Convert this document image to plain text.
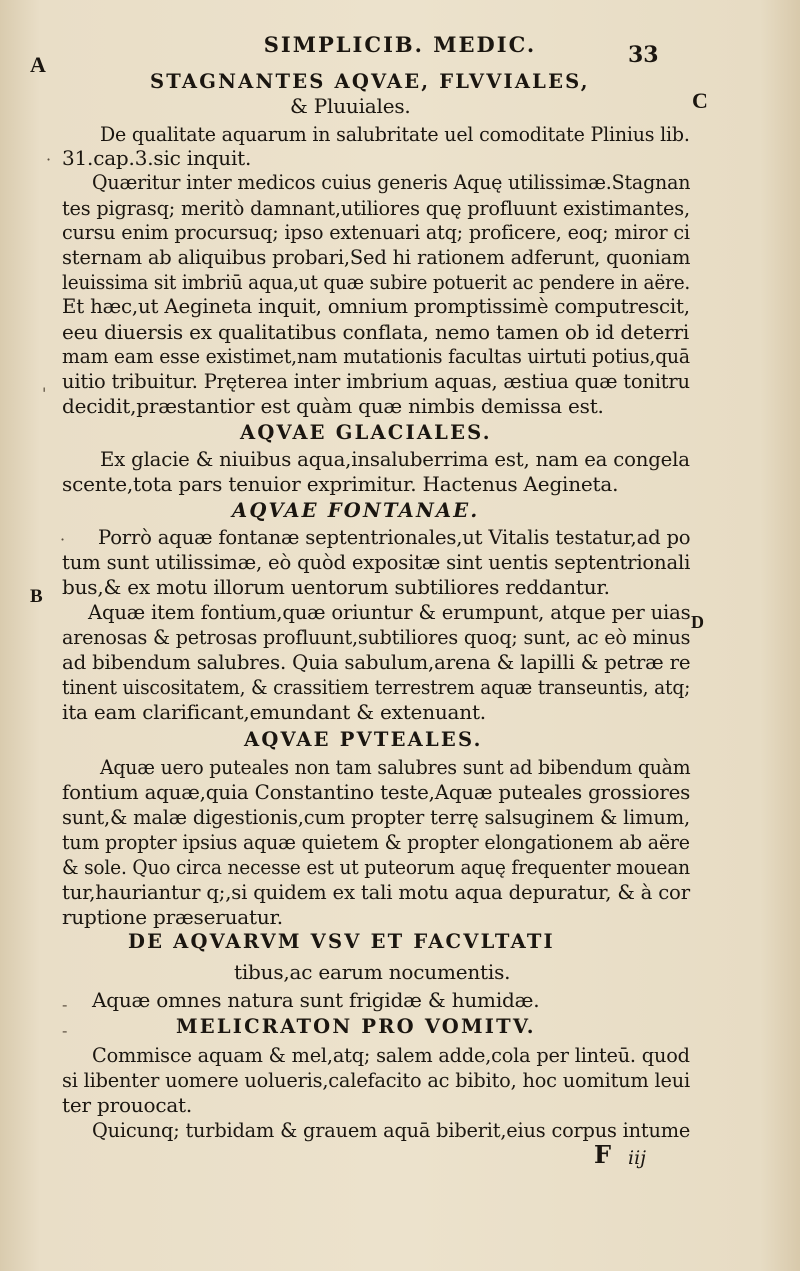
SIMPLICIB. MEDIC.	33
A
C
B
D
·
'
·
-
-
STAGNANTES AQVAE, FLVVIALES,
& Pluuiales.
De qualitate aquarum in salubritate uel comoditate Plinius lib.
31.cap.3.sic inquit.
Quæritur inter medicos cuius generis Aquę utilissimæ.Stagnan
tes pigrasq; meritò damnant,utiliores quę profluunt existimantes,
cursu enim procursuq; ipso extenuari atq; proficere, eoq; miror ci
sternam ab aliquibus probari,Sed hi rationem adferunt, quoniam
leuissima sit imbriū aqua,ut quæ subire potuerit ac pendere in aëre.
Et hæc,ut Aegineta inquit, omnium promptissimè computrescit,
eeu diuersis ex qualitatibus conflata, nemo tamen ob id deterri
mam eam esse existimet,nam mutationis facultas uirtuti potius,quā
uitio tribuitur. Pręterea inter imbrium aquas, æstiua quæ tonitru
decidit,præstantior est quàm quæ nimbis demissa est.
AQVAE GLACIALES.
Ex glacie & niuibus aqua,insaluberrima est, nam ea congela
scente,tota pars tenuior exprimitur. Hactenus Aegineta.
AQVAE FONTANAE.
Porrò aquæ fontanæ septentrionales,ut Vitalis testatur,ad po
tum sunt utilissimæ, eò quòd expositæ sint uentis septentrionali
bus,& ex motu illorum uentorum subtiliores reddantur.
Aquæ item fontium,quæ oriuntur & erumpunt, atque per uias
arenosas & petrosas profluunt,subtiliores quoq; sunt, ac eò minus
ad bibendum salubres. Quia sabulum,arena & lapilli & petræ re
tinent uiscositatem, & crassitiem terrestrem aquæ transeuntis, atq;
ita eam clarificant,emundant & extenuant.
AQVAE PVTEALES.
Aquæ uero puteales non tam salubres sunt ad bibendum quàm
fontium aquæ,quia Constantino teste,Aquæ puteales grossiores
sunt,& malæ digestionis,cum propter terrę salsuginem & limum,
tum propter ipsius aquæ quietem & propter elongationem ab aëre
& sole. Quo circa necesse est ut puteorum aquę frequenter mouean
tur,hauriantur q;,si quidem ex tali motu aqua depuratur, & à cor
ruptione præseruatur.
DE AQVARVM VSV ET FACVLTATI
tibus,ac earum nocumentis.
Aquæ omnes natura sunt frigidæ & humidæ.
MELICRATON PRO VOMITV.
Commisce aquam & mel,atq; salem adde,cola per linteū. quod
si libenter uomere uolueris,calefacito ac bibito, hoc uomitum leui
ter prouocat.
Quicunq; turbidam & grauem aquā biberit,eius corpus intume
F iij
